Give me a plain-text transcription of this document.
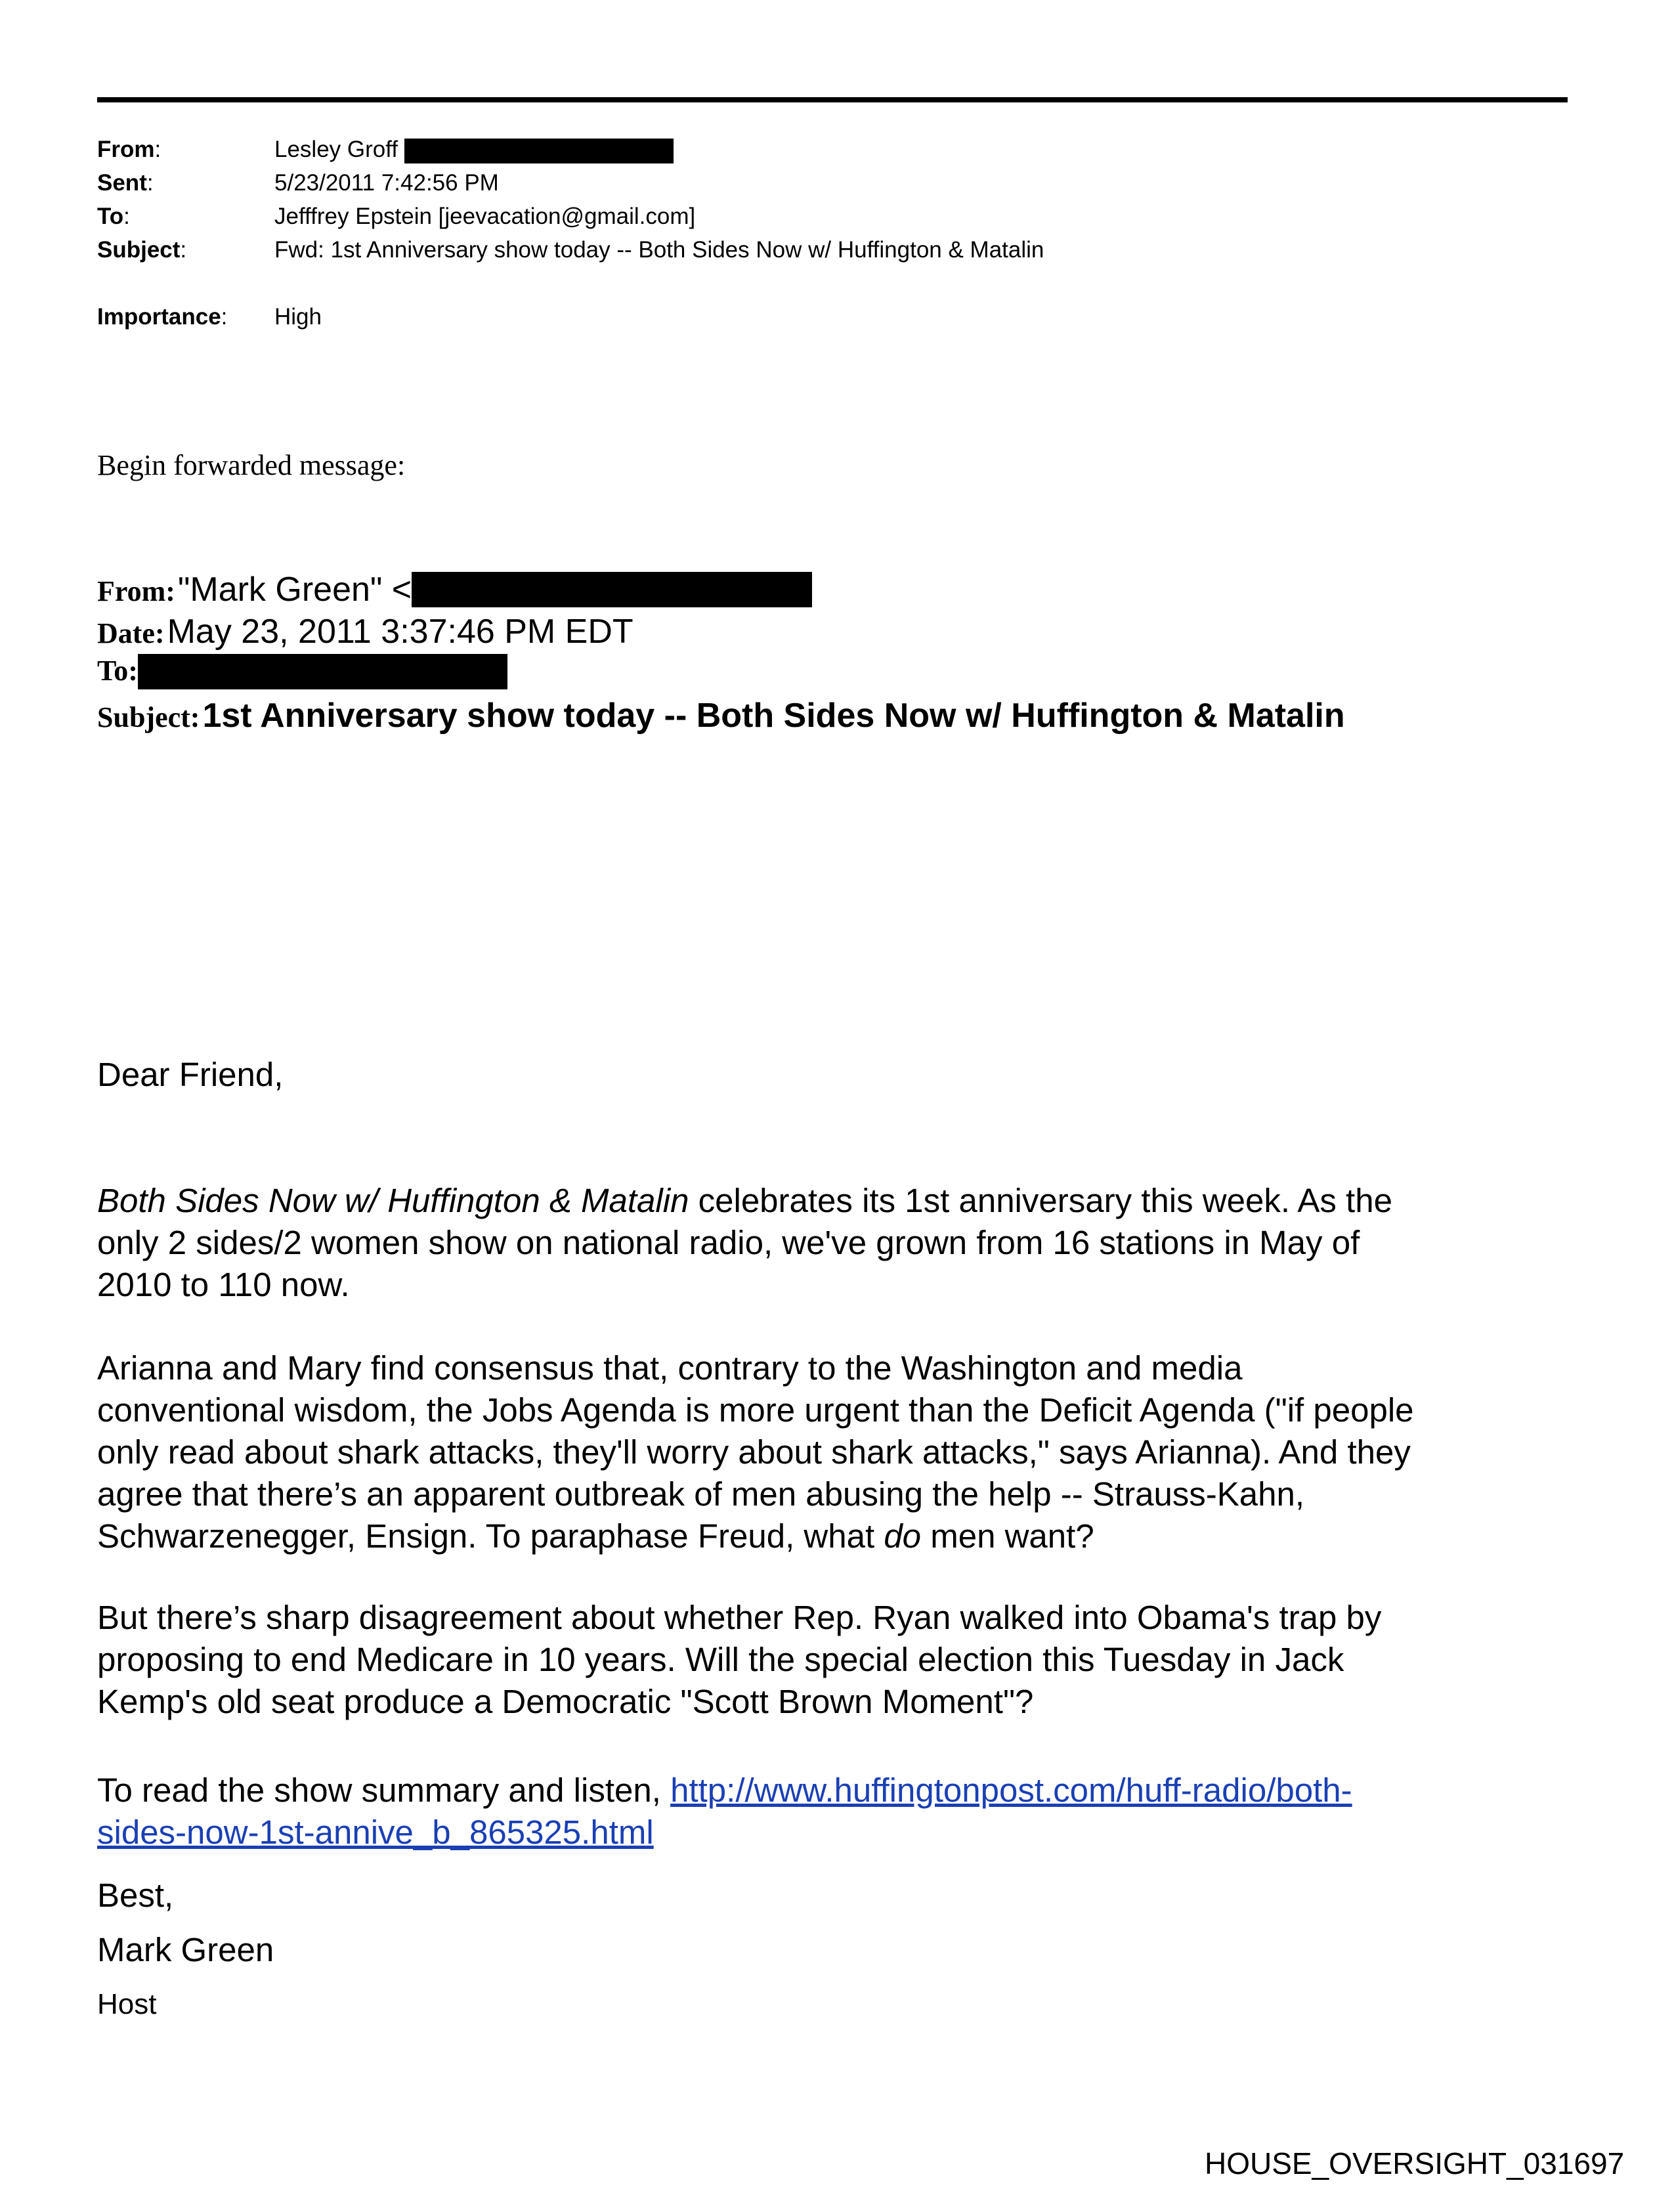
From:	Lesley Groff
Sent:	5/23/2011 7:42:56 PM
To:	Jefffrey Epstein [jeevacation@gmail.com]
Subject:	Fwd: 1st Anniversary show today -- Both Sides Now w/ Huffington & Matalin
Importance: High
Begin forwarded message:
From: "Mark Green" <
Date: May 23, 2011 3:37:46 PM EDT
To:
Subject: 1st Anniversary show today -- Both Sides Now w/ Huffington & Matalin
Dear Friend,
Both Sides Now w/ Huffington & Matalin celebrates its 1st anniversary this week. As the
only 2 sides/2 women show on national radio, we've grown from 16 stations in May of
2010 to 110 now.
Arianna and Mary find consensus that, contrary to the Washington and media
conventional wisdom, the Jobs Agenda is more urgent than the Deficit Agenda ("if people
only read about shark attacks, they'll worry about shark attacks," says Arianna). And they
agree that there’s an apparent outbreak of men abusing the help -- Strauss-Kahn,
Schwarzenegger, Ensign. To paraphase Freud, what do men want?
But there’s sharp disagreement about whether Rep. Ryan walked into Obama's trap by
proposing to end Medicare in 10 years. Will the special election this Tuesday in Jack
Kemp's old seat produce a Democratic "Scott Brown Moment"?
To read the show summary and listen, http://www.huffingtonpost.com/huff-radio/both-
sides-now-1st-annive_b_865325.html
Best,
Mark Green
Host
HOUSE_OVERSIGHT_031697
